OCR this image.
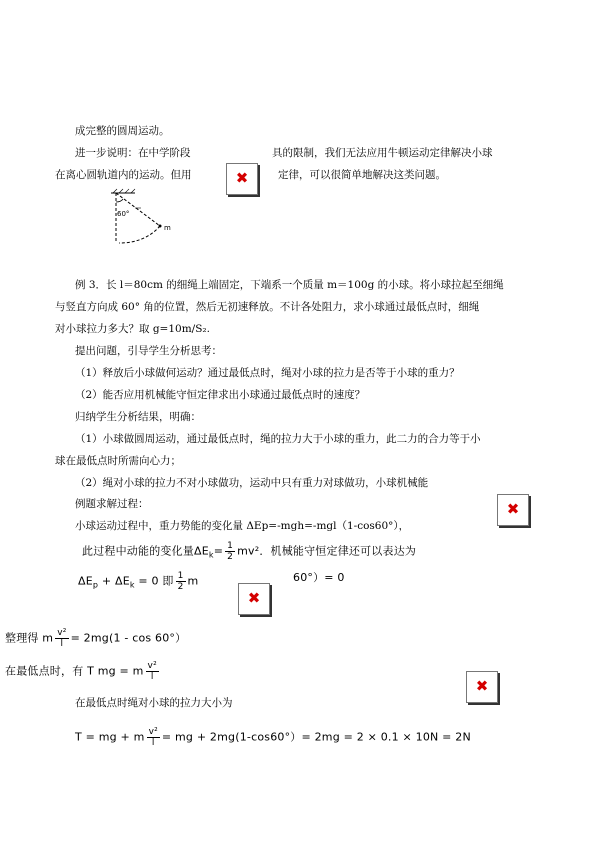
成完整的圆周运动。
进一步说明：在中学阶段	具的限制，我们无法应用牛顿运动定律解决小球
在离心圆轨道内的运动。但用	定律，可以很简单地解决这类问题。
✖
✖
✖
✖
60°
m
例 3．长 l＝80cm 的细绳上端固定，下端系一个质量 m＝100g 的小球。将小球拉起至细绳
与竖直方向成 60° 角的位置，然后无初速释放。不计各处阻力，求小球通过最低点时，细绳
对小球拉力多大？取 g=10m/S₂.
提出问题，引导学生分析思考：
（1）释放后小球做何运动？通过最低点时，绳对小球的拉力是否等于小球的重力？
（2）能否应用机械能守恒定律求出小球通过最低点时的速度？
归纳学生分析结果，明确：
（1）小球做圆周运动，通过最低点时，绳的拉力大于小球的重力，此二力的合力等于小
球在最低点时所需向心力；
（2）绳对小球的拉力不对小球做功，运动中只有重力对球做功，小球机械能
例题求解过程：
小球运动过程中，重力势能的变化量 ΔEp=-mgh=-mgl（1-cos60°），
此过程中动能的变化量$\Delta E_k= \frac{1}{2} mv^2$．机械能守恒定律还可以表达为
$\Delta E_p + \Delta E_k = 0$ 即 $\frac{1}{2}$ m	60°）= 0
整理得 m $\frac{\text{v²}}{l} = 2mg(1 - \cos 60^\circ)$
在最低点时，有 T mg = m $\frac{\text{v²}}{l}$
在最低点时绳对小球的拉力大小为
T = mg + m $\frac{\text{v²}}{l}$ = mg + 2mg(1-cos60°）= 2mg = 2 × 0.1 × 10N = 2N
